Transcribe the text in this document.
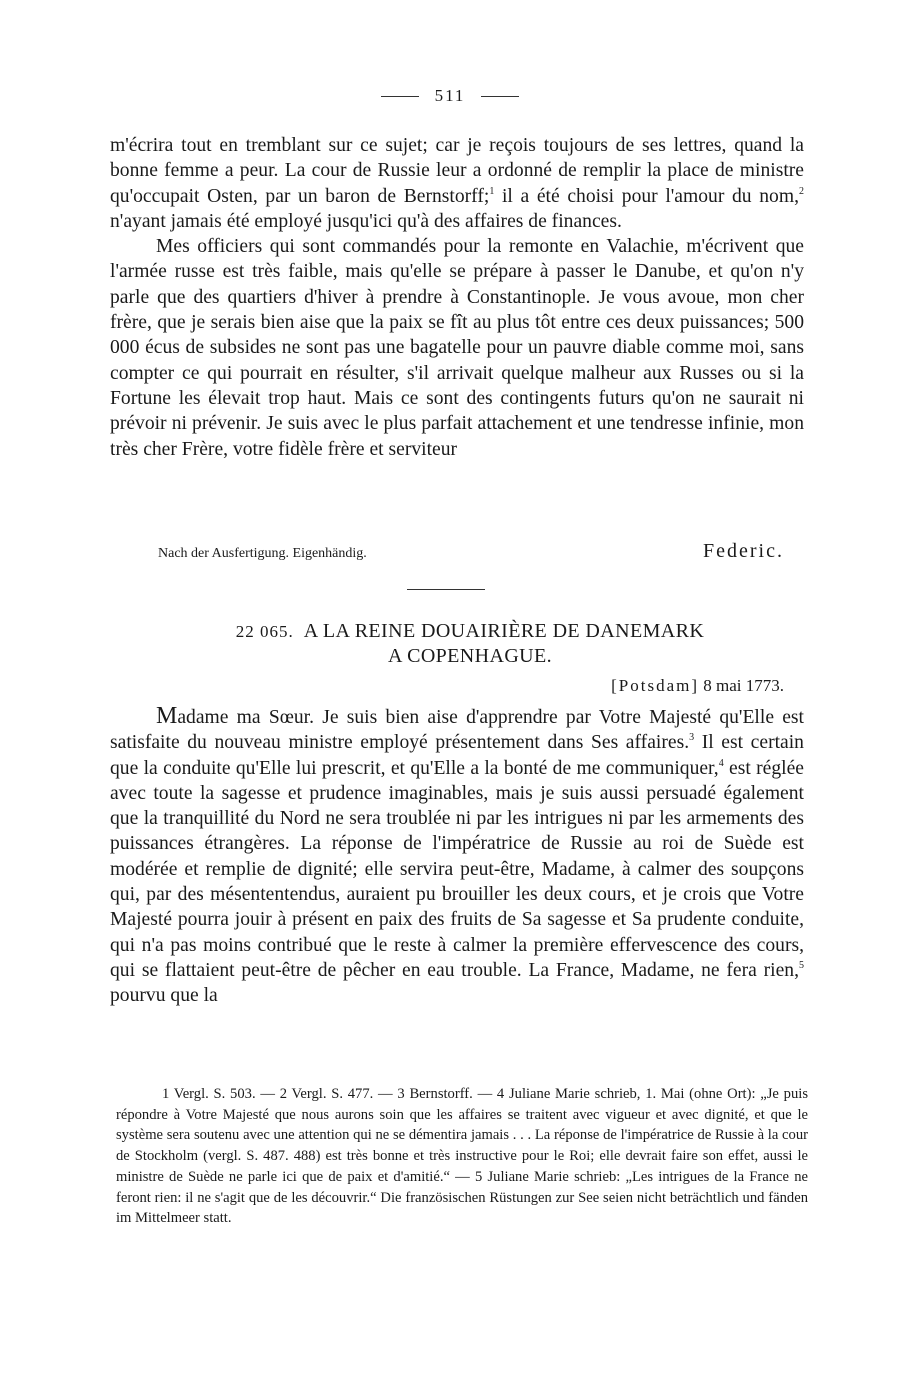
511

m'écrira tout en tremblant sur ce sujet; car je reçois toujours de ses lettres, quand la bonne femme a peur. La cour de Russie leur a ordonné de remplir la place de ministre qu'occupait Osten, par un baron de Bernstorff;$^1$ il a été choisi pour l'amour du nom,$^2$ n'ayant jamais été employé jusqu'ici qu'à des affaires de finances.

Mes officiers qui sont commandés pour la remonte en Valachie, m'écrivent que l'armée russe est très faible, mais qu'elle se prépare à passer le Danube, et qu'on n'y parle que des quartiers d'hiver à prendre à Constantinople. Je vous avoue, mon cher frère, que je serais bien aise que la paix se fît au plus tôt entre ces deux puissances; 500 000 écus de subsides ne sont pas une bagatelle pour un pauvre diable comme moi, sans compter ce qui pourrait en résulter, s'il arrivait quelque malheur aux Russes ou si la Fortune les élevait trop haut. Mais ce sont des contingents futurs qu'on ne saurait ni prévoir ni prévenir. Je suis avec le plus parfait attachement et une tendresse infinie, mon très cher Frère, votre fidèle frère et serviteur

Nach der Ausfertigung. Eigenhändig.	Federic.
22 065. A LA REINE DOUAIRIÈRE DE DANEMARK
A COPENHAGUE.
[Potsdam] 8 mai 1773.

Madame ma Sœur. Je suis bien aise d'apprendre par Votre Majesté qu'Elle est satisfaite du nouveau ministre employé présentement dans Ses affaires.$^3$ Il est certain que la conduite qu'Elle lui prescrit, et qu'Elle a la bonté de me communiquer,$^4$ est réglée avec toute la sagesse et prudence imaginables, mais je suis aussi persuadé également que la tranquillité du Nord ne sera troublée ni par les intrigues ni par les armements des puissances étrangères. La réponse de l'impératrice de Russie au roi de Suède est modérée et remplie de dignité; elle servira peut-être, Madame, à calmer des soupçons qui, par des mésententendus, auraient pu brouiller les deux cours, et je crois que Votre Majesté pourra jouir à présent en paix des fruits de Sa sagesse et Sa prudente conduite, qui n'a pas moins contribué que le reste à calmer la première effervescence des cours, qui se flattaient peut-être de pêcher en eau trouble. La France, Madame, ne fera rien,$^5$ pourvu que la

1 Vergl. S. 503. — 2 Vergl. S. 477. — 3 Bernstorff. — 4 Juliane Marie schrieb, 1. Mai (ohne Ort): „Je puis répondre à Votre Majesté que nous aurons soin que les affaires se traitent avec vigueur et avec dignité, et que le système sera soutenu avec une attention qui ne se démentira jamais . . . La réponse de l'impératrice de Russie à la cour de Stockholm (vergl. S. 487. 488) est très bonne et très instructive pour le Roi; elle devrait faire son effet, aussi le ministre de Suède ne parle ici que de paix et d'amitié.“ — 5 Juliane Marie schrieb: „Les intrigues de la France ne feront rien: il ne s'agit que de les découvrir.“ Die französischen Rüstungen zur See seien nicht beträchtlich und fänden im Mittelmeer statt.
